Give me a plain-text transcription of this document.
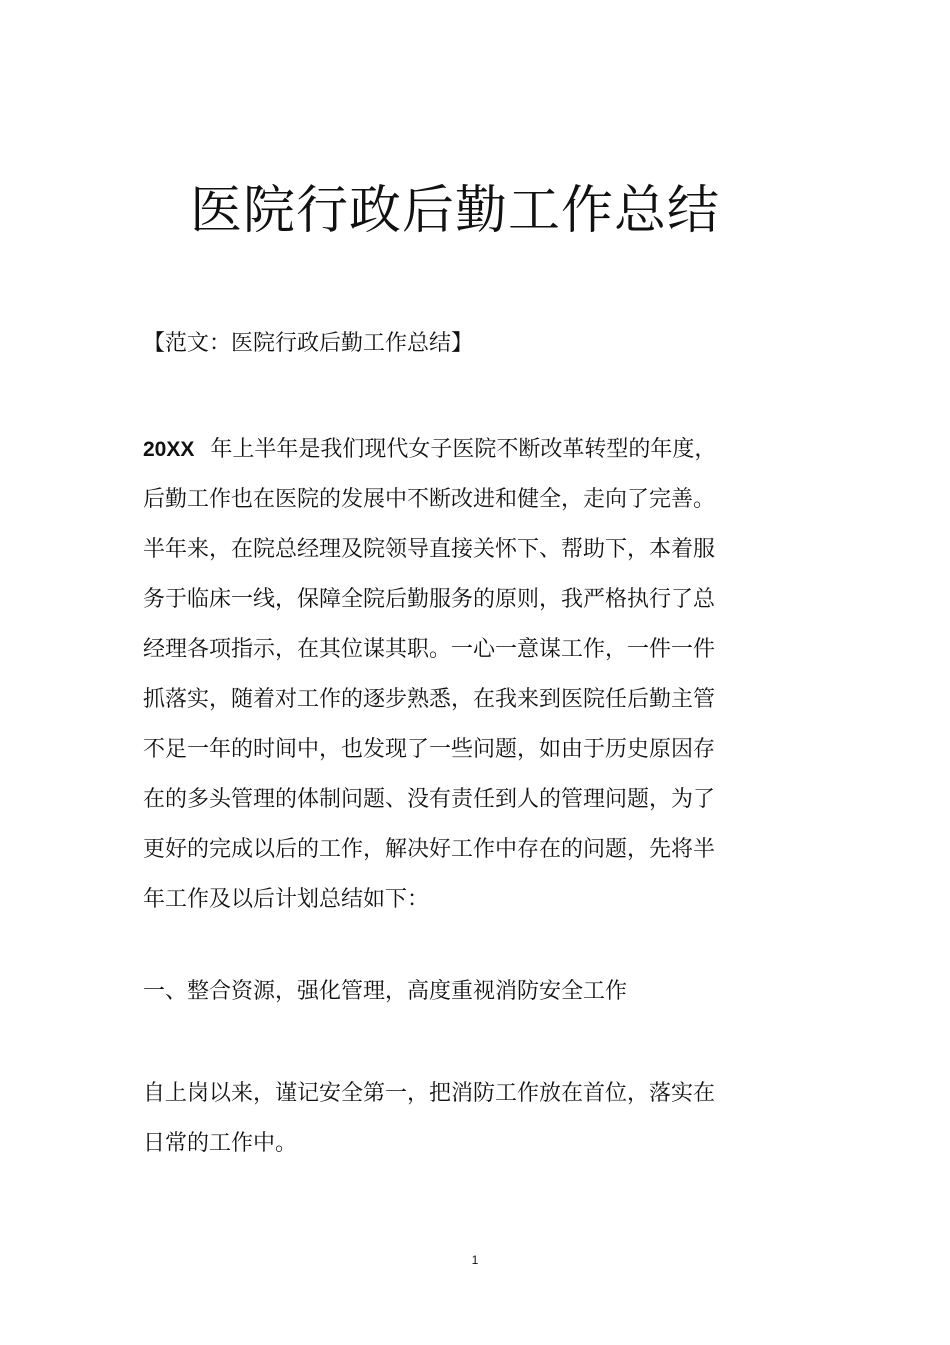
医院行政后勤工作总结

【范文：医院行政后勤工作总结】

20XX 年上半年是我们现代女子医院不断改革转型的年度，
后勤工作也在医院的发展中不断改进和健全，走向了完善。
半年来，在院总经理及院领导直接关怀下、帮助下，本着服
务于临床一线，保障全院后勤服务的原则，我严格执行了总
经理各项指示，在其位谋其职。一心一意谋工作，一件一件
抓落实，随着对工作的逐步熟悉，在我来到医院任后勤主管
不足一年的时间中，也发现了一些问题，如由于历史原因存
在的多头管理的体制问题、没有责任到人的管理问题，为了
更好的完成以后的工作，解决好工作中存在的问题，先将半
年工作及以后计划总结如下：
一、整合资源，强化管理，高度重视消防安全工作
自上岗以来，谨记安全第一，把消防工作放在首位，落实在
日常的工作中。
1
